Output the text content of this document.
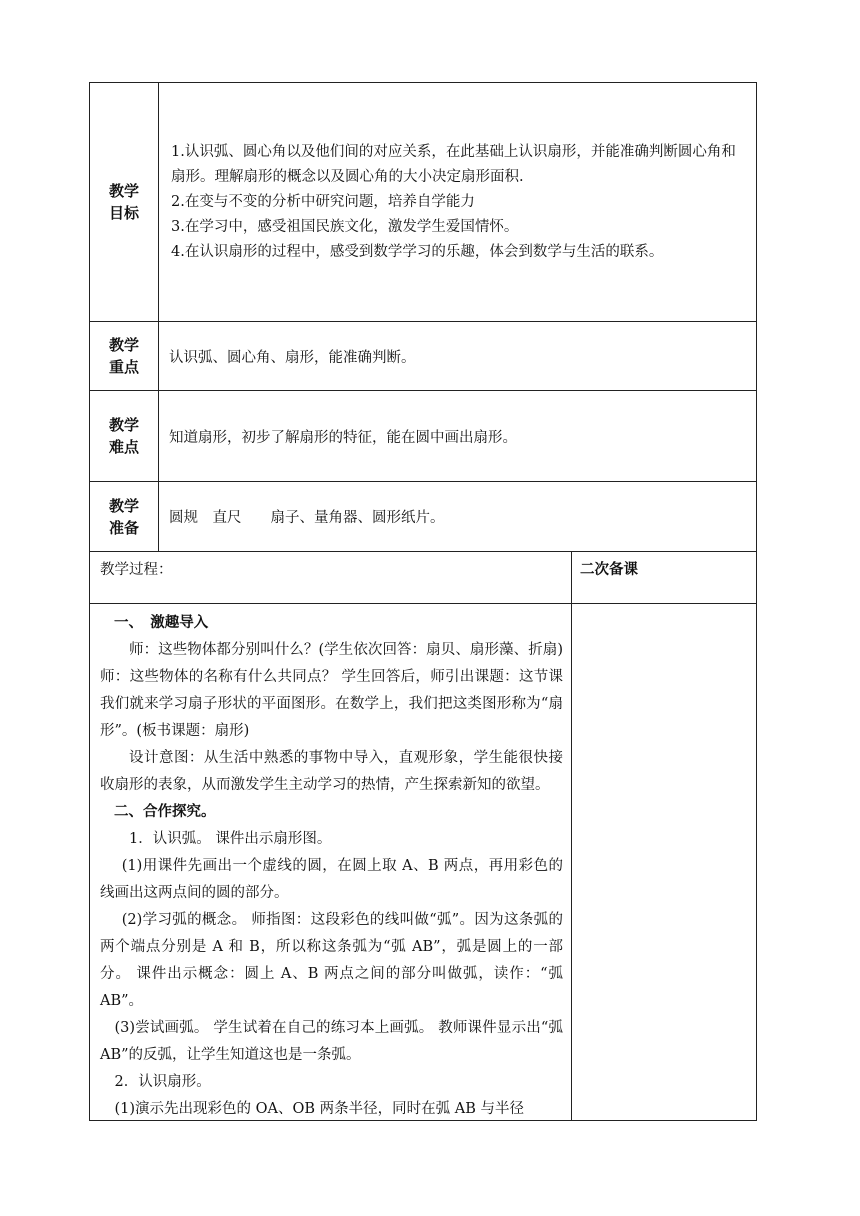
教学
目标

1.认识弧、圆心角以及他们间的对应关系，在此基础上认识扇形，并能准确判断圆心角和扇形。理解扇形的概念以及圆心角的大小决定扇形面积.

2.在变与不变的分析中研究问题，培养自学能力

3.在学习中，感受祖国民族文化，激发学生爱国情怀。

4.在认识扇形的过程中，感受到数学学习的乐趣，体会到数学与生活的联系。

教学
重点
认识弧、圆心角、扇形，能准确判断。
教学
难点
知道扇形，初步了解扇形的特征，能在圆中画出扇形。
教学
准备
圆规　直尺　　扇子、量角器、圆形纸片。
教学过程：	二次备课

一、　激趣导入

师：这些物体都分别叫什么？(学生依次回答：扇贝、扇形藻、折扇) 师：这些物体的名称有什么共同点？ 学生回答后，师引出课题：这节课我们就来学习扇子形状的平面图形。在数学上，我们把这类图形称为“扇形”。(板书课题：扇形)

设计意图：从生活中熟悉的事物中导入，直观形象，学生能很快接收扇形的表象，从而激发学生主动学习的热情，产生探索新知的欲望。

二、合作探究。

1．认识弧。 课件出示扇形图。

(1)用课件先画出一个虚线的圆，在圆上取 A、B 两点，再用彩色的线画出这两点间的圆的部分。

(2)学习弧的概念。 师指图：这段彩色的线叫做“弧”。因为这条弧的两个端点分别是 A 和 B，所以称这条弧为“弧 AB”，弧是圆上的一部分。 课件出示概念：圆上 A、B 两点之间的部分叫做弧，读作：“弧 AB”。

(3)尝试画弧。 学生试着在自己的练习本上画弧。 教师课件显示出“弧 AB”的反弧，让学生知道这也是一条弧。

2．认识扇形。

(1)演示先出现彩色的 OA、OB 两条半径，同时在弧 AB 与半径
